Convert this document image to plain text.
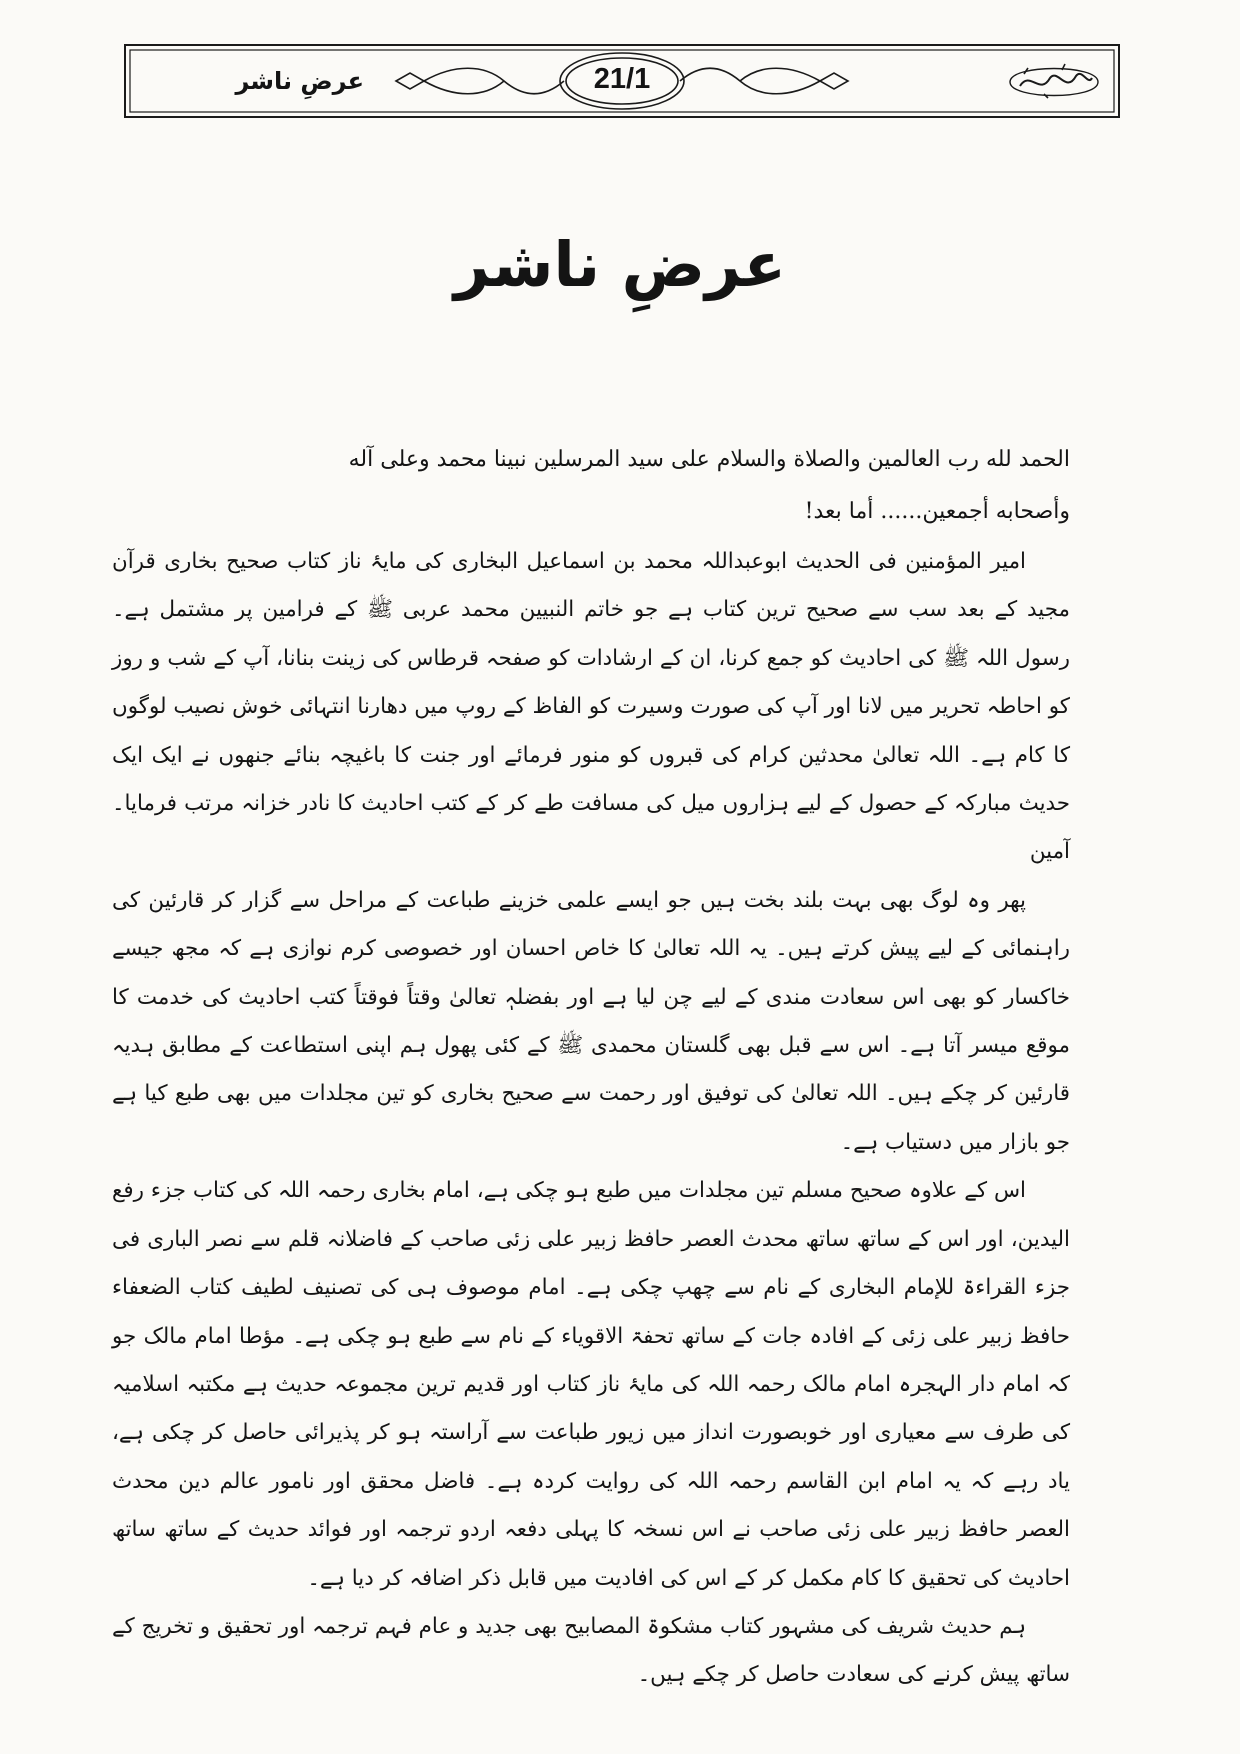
عرضِ ناشر	21/1
عرضِ ناشر

الحمد لله رب العالمين والصلاة والسلام على سيد المرسلين نبينا محمد وعلى آله

وأصحابه أجمعين...... أما بعد!

امیر المؤمنین فی الحدیث ابوعبداللہ محمد بن اسماعیل البخاری کی مایۂ ناز کتاب صحیح بخاری قرآن مجید کے بعد سب سے صحیح ترین کتاب ہے جو خاتم النبیین محمد عربی ﷺ کے فرامین پر مشتمل ہے۔ رسول اللہ ﷺ کی احادیث کو جمع کرنا، ان کے ارشادات کو صفحہ قرطاس کی زینت بنانا، آپ کے شب و روز کو احاطہ تحریر میں لانا اور آپ کی صورت وسیرت کو الفاظ کے روپ میں دھارنا انتہائی خوش نصیب لوگوں کا کام ہے۔ اللہ تعالیٰ محدثین کرام کی قبروں کو منور فرمائے اور جنت کا باغیچہ بنائے جنھوں نے ایک ایک حدیث مبارکہ کے حصول کے لیے ہزاروں میل کی مسافت طے کر کے کتب احادیث کا نادر خزانہ مرتب فرمایا۔ آمین

پھر وہ لوگ بھی بہت بلند بخت ہیں جو ایسے علمی خزینے طباعت کے مراحل سے گزار کر قارئین کی راہنمائی کے لیے پیش کرتے ہیں۔ یہ اللہ تعالیٰ کا خاص احسان اور خصوصی کرم نوازی ہے کہ مجھ جیسے خاکسار کو بھی اس سعادت مندی کے لیے چن لیا ہے اور بفضلہٖ تعالیٰ وقتاً فوقتاً کتب احادیث کی خدمت کا موقع میسر آتا ہے۔ اس سے قبل بھی گلستان محمدی ﷺ کے کئی پھول ہم اپنی استطاعت کے مطابق ہدیہ قارئین کر چکے ہیں۔ اللہ تعالیٰ کی توفیق اور رحمت سے صحیح بخاری کو تین مجلدات میں بھی طبع کیا ہے جو بازار میں دستیاب ہے۔

اس کے علاوہ صحیح مسلم تین مجلدات میں طبع ہو چکی ہے، امام بخاری رحمہ اللہ کی کتاب جزء رفع الیدین، اور اس کے ساتھ ساتھ محدث العصر حافظ زبیر علی زئی صاحب کے فاضلانہ قلم سے نصر الباری فی جزء القراءۃ للإمام البخاری کے نام سے چھپ چکی ہے۔ امام موصوف ہی کی تصنیف لطیف کتاب الضعفاء حافظ زبیر علی زئی کے افادہ جات کے ساتھ تحفۃ الاقویاء کے نام سے طبع ہو چکی ہے۔ مؤطا امام مالک جو کہ امام دار الہجرہ امام مالک رحمہ اللہ کی مایۂ ناز کتاب اور قدیم ترین مجموعہ حدیث ہے مکتبہ اسلامیہ کی طرف سے معیاری اور خوبصورت انداز میں زیور طباعت سے آراستہ ہو کر پذیرائی حاصل کر چکی ہے، یاد رہے کہ یہ امام ابن القاسم رحمہ اللہ کی روایت کردہ ہے۔ فاضل محقق اور نامور عالم دین محدث العصر حافظ زبیر علی زئی صاحب نے اس نسخہ کا پہلی دفعہ اردو ترجمہ اور فوائد حدیث کے ساتھ ساتھ احادیث کی تحقیق کا کام مکمل کر کے اس کی افادیت میں قابل ذکر اضافہ کر دیا ہے۔

ہم حدیث شریف کی مشہور کتاب مشکوۃ المصابیح بھی جدید و عام فہم ترجمہ اور تحقیق و تخریج کے ساتھ پیش کرنے کی سعادت حاصل کر چکے ہیں۔
